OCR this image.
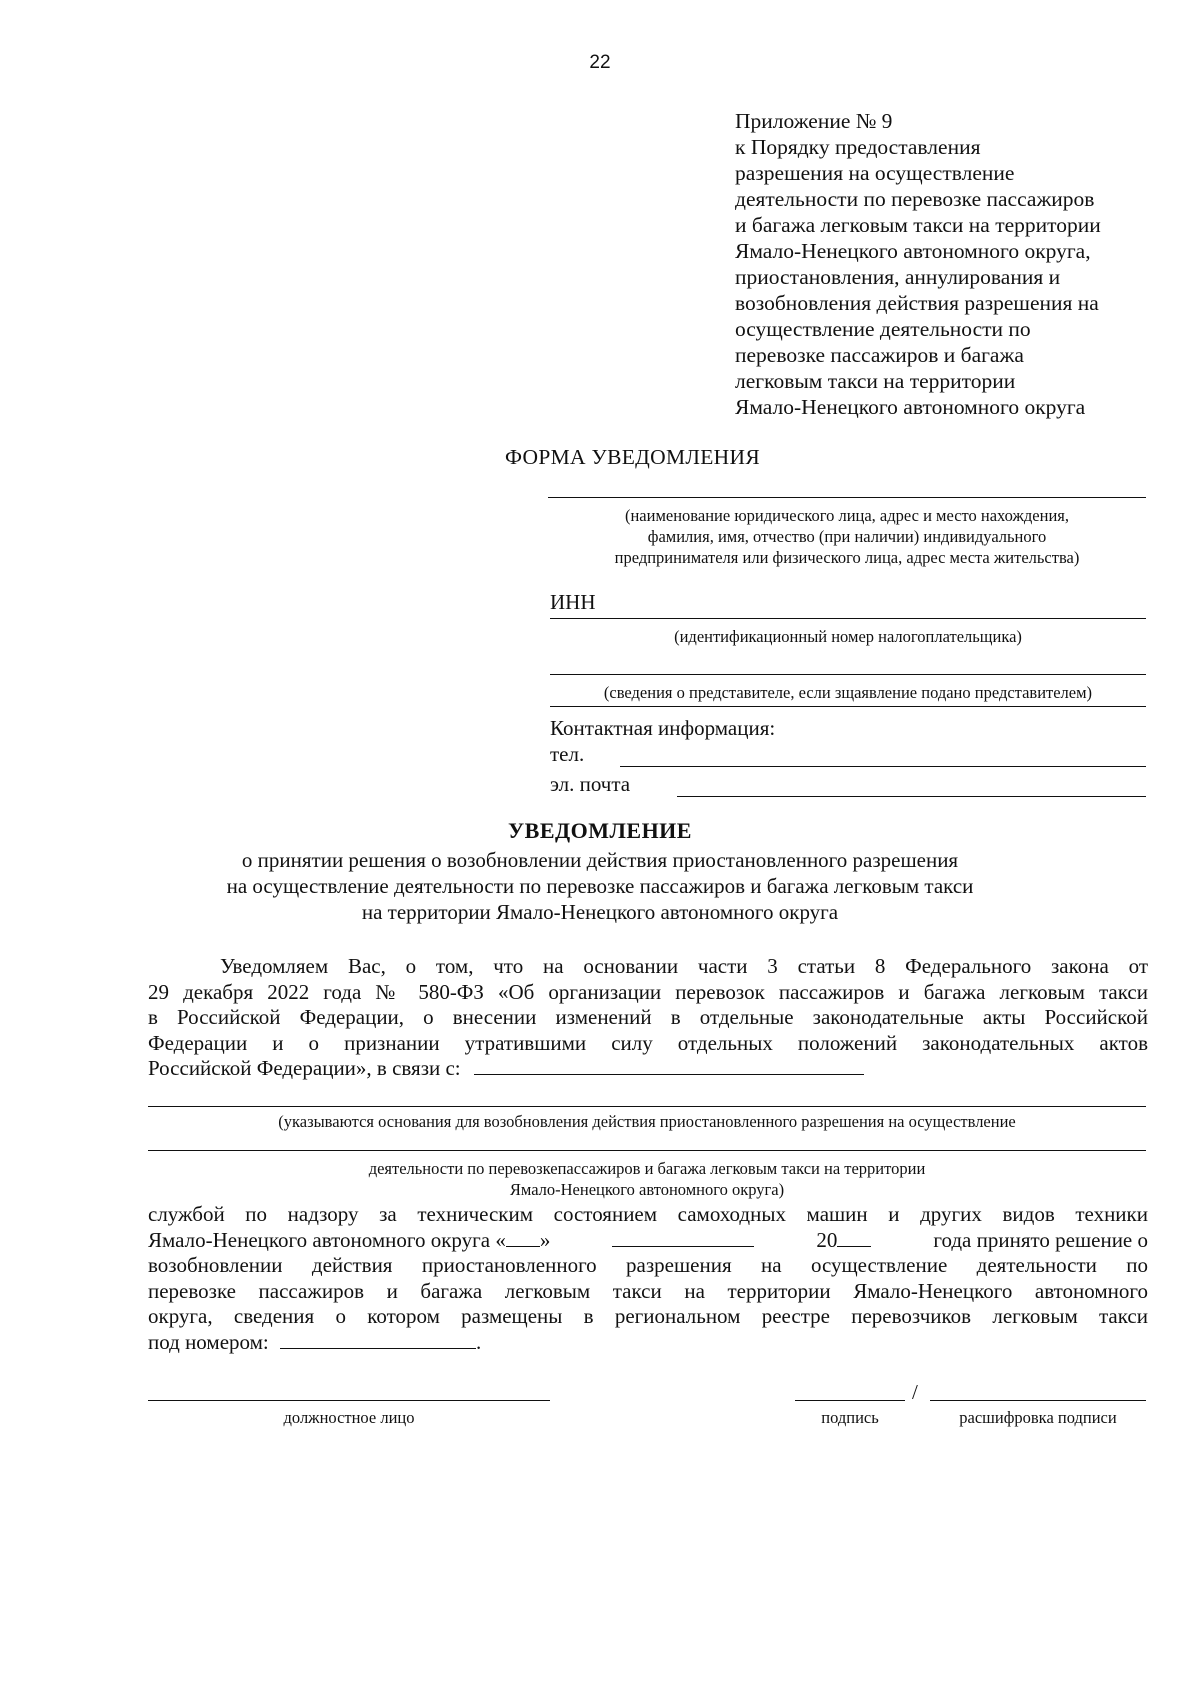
22
Приложение № 9
к Порядку предоставления
разрешения на осуществление
деятельности по перевозке пассажиров
и багажа легковым такси на территории
Ямало-Ненецкого автономного округа,
приостановления, аннулирования и
возобновления действия разрешения на
осуществление деятельности по
перевозке пассажиров и багажа
легковым такси на территории
Ямало-Ненецкого автономного округа
ФОРМА УВЕДОМЛЕНИЯ
(наименование юридического лица, адрес и место нахождения,
фамилия, имя, отчество (при наличии) индивидуального
предпринимателя или физического лица, адрес места жительства)
ИНН
(идентификационный номер налогоплательщика)
(сведения о представителе, если зщаявление подано представителем)
Контактная информация:
тел.
эл. почта
УВЕДОМЛЕНИЕ
о принятии решения о возобновлении действия приостановленного разрешения
на осуществление деятельности по перевозке пассажиров и багажа легковым такси
на территории Ямало-Ненецкого автономного округа
Уведомляем Вас, о том, что на основании части 3 статьи 8 Федерального закона от
29 декабря 2022 года № 580-ФЗ «Об организации перевозок пассажиров и багажа легковым такси
в Российской Федерации, о внесении изменений в отдельные законодательные акты Российской
Федерации и о признании утратившими силу отдельных положений законодательных актов
Российской Федерации», в связи с:
(указываются основания для возобновления действия приостановленного разрешения на осуществление
деятельности по перевозкепассажиров и багажа легковым такси на территории
Ямало-Ненецкого автономного округа)
службой по надзору за техническим состоянием самоходных машин и других видов техники
Ямало-Ненецкого автономного округа « »	20	года принято решение о
возобновлении действия приостановленного разрешения на осуществление деятельности по
перевозке пассажиров и багажа легковым такси на территории Ямало-Ненецкого автономного
округа, сведения о котором размещены в региональном реестре перевозчиков легковым такси
под номером:	.
должностное лицо
/
подпись	расшифровка подписи
